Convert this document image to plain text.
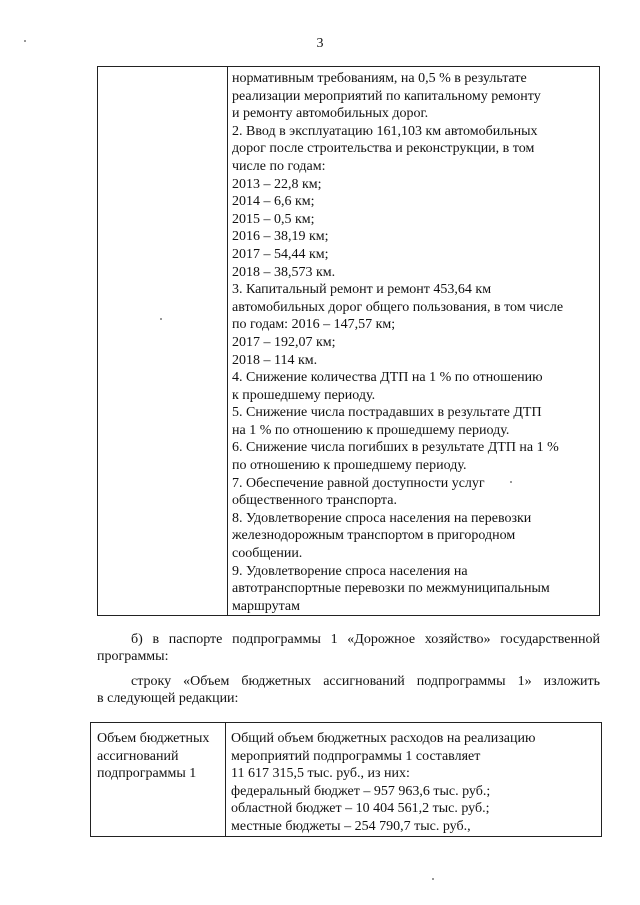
3
нормативным требованиям, на 0,5 % в результате
реализации мероприятий по капитальному ремонту
и ремонту автомобильных дорог.
2. Ввод в эксплуатацию 161,103 км автомобильных
дорог после строительства и реконструкции, в том
числе по годам:
2013 – 22,8 км;
2014 – 6,6 км;
2015 – 0,5 км;
2016 – 38,19 км;
2017 – 54,44 км;
2018 – 38,573 км.
3. Капитальный ремонт и ремонт 453,64 км
автомобильных дорог общего пользования, в том числе
по годам: 2016 – 147,57 км;
2017 – 192,07 км;
2018 – 114 км.
4. Снижение количества ДТП на 1 % по отношению
к прошедшему периоду.
5. Снижение числа пострадавших в результате ДТП
на 1 % по отношению к прошедшему периоду.
6. Снижение числа погибших в результате ДТП на 1 %
по отношению к прошедшему периоду.
7. Обеспечение равной доступности услуг
общественного транспорта.
8. Удовлетворение спроса населения на перевозки
железнодорожным транспортом в пригородном
сообщении.
9. Удовлетворение спроса населения на
автотранспортные перевозки по межмуниципальным
маршрутам
б) в паспорте подпрограммы 1 «Дорожное хозяйство» государственной
программы:
строку «Объем бюджетных ассигнований подпрограммы 1» изложить
в следующей редакции:
Объем бюджетных
ассигнований
подпрограммы 1
Общий объем бюджетных расходов на реализацию
мероприятий подпрограммы 1 составляет
11 617 315,5 тыс. руб., из них:
федеральный бюджет – 957 963,6 тыс. руб.;
областной бюджет – 10 404 561,2 тыс. руб.;
местные бюджеты – 254 790,7 тыс. руб.,
